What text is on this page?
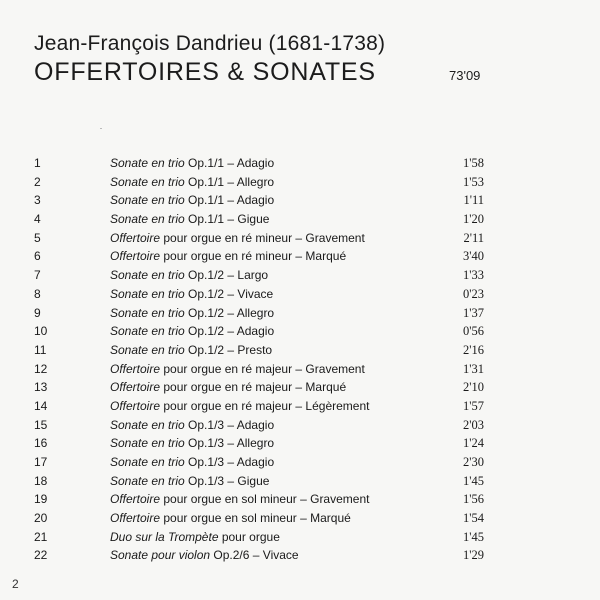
Jean-François Dandrieu (1681-1738)
OFFERTOIRES & SONATES	73'09
1	Sonate en trio Op.1/1 – Adagio	1'58
2	Sonate en trio Op.1/1 – Allegro	1'53
3	Sonate en trio Op.1/1 – Adagio	1'11
4	Sonate en trio Op.1/1 – Gigue	1'20
5	Offertoire pour orgue en ré mineur – Gravement	2'11
6	Offertoire pour orgue en ré mineur – Marqué	3'40
7	Sonate en trio Op.1/2 – Largo	1'33
8	Sonate en trio Op.1/2 – Vivace	0'23
9	Sonate en trio Op.1/2 – Allegro	1'37
10	Sonate en trio Op.1/2 – Adagio	0'56
11	Sonate en trio Op.1/2 – Presto	2'16
12	Offertoire pour orgue en ré majeur – Gravement	1'31
13	Offertoire pour orgue en ré majeur – Marqué	2'10
14	Offertoire pour orgue en ré majeur – Légèrement	1'57
15	Sonate en trio Op.1/3 – Adagio	2'03
16	Sonate en trio Op.1/3 – Allegro	1'24
17	Sonate en trio Op.1/3 – Adagio	2'30
18	Sonate en trio Op.1/3 – Gigue	1'45
19	Offertoire pour orgue en sol mineur – Gravement	1'56
20	Offertoire pour orgue en sol mineur – Marqué	1'54
21	Duo sur la Trompète pour orgue	1'45
22	Sonate pour violon Op.2/6 – Vivace	1'29
2
